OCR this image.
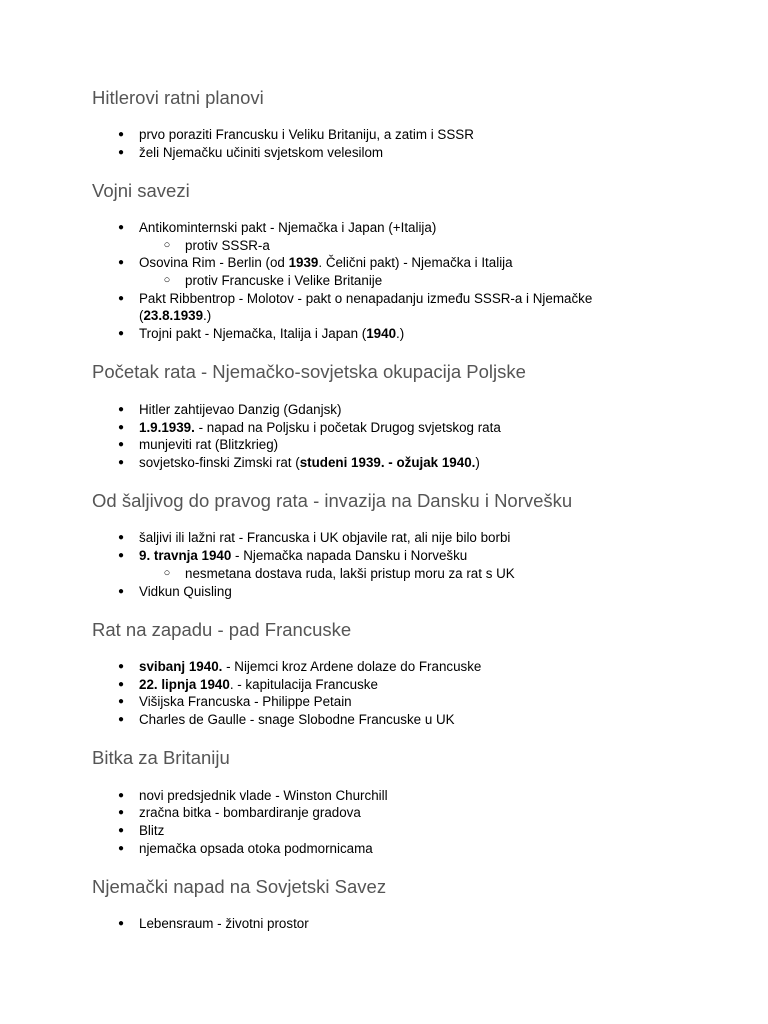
Hitlerovi ratni planovi
● prvo poraziti Francusku i Veliku Britaniju, a zatim i SSSR
● želi Njemačku učiniti svjetskom velesilom
Vojni savezi
● Antikominternski pakt - Njemačka i Japan (+Italija)
○ protiv SSSR-a
● Osovina Rim - Berlin (od 1939. Čelični pakt) - Njemačka i Italija
○ protiv Francuske i Velike Britanije
● Pakt Ribbentrop - Molotov - pakt o nenapadanju između SSSR-a i Njemačke
(23.8.1939.)
● Trojni pakt - Njemačka, Italija i Japan (1940.)
Početak rata - Njemačko-sovjetska okupacija Poljske
● Hitler zahtijevao Danzig (Gdanjsk)
● 1.9.1939. - napad na Poljsku i početak Drugog svjetskog rata
● munjeviti rat (Blitzkrieg)
● sovjetsko-finski Zimski rat (studeni 1939. - ožujak 1940.)
Od šaljivog do pravog rata - invazija na Dansku i Norvešku
● šaljivi ili lažni rat - Francuska i UK objavile rat, ali nije bilo borbi
● 9. travnja 1940 - Njemačka napada Dansku i Norvešku
○ nesmetana dostava ruda, lakši pristup moru za rat s UK
● Vidkun Quisling
Rat na zapadu - pad Francuske
● svibanj 1940. - Nijemci kroz Ardene dolaze do Francuske
● 22. lipnja 1940. - kapitulacija Francuske
● Višijska Francuska - Philippe Petain
● Charles de Gaulle - snage Slobodne Francuske u UK
Bitka za Britaniju
● novi predsjednik vlade - Winston Churchill
● zračna bitka - bombardiranje gradova
● Blitz
● njemačka opsada otoka podmornicama
Njemački napad na Sovjetski Savez
● Lebensraum - životni prostor
